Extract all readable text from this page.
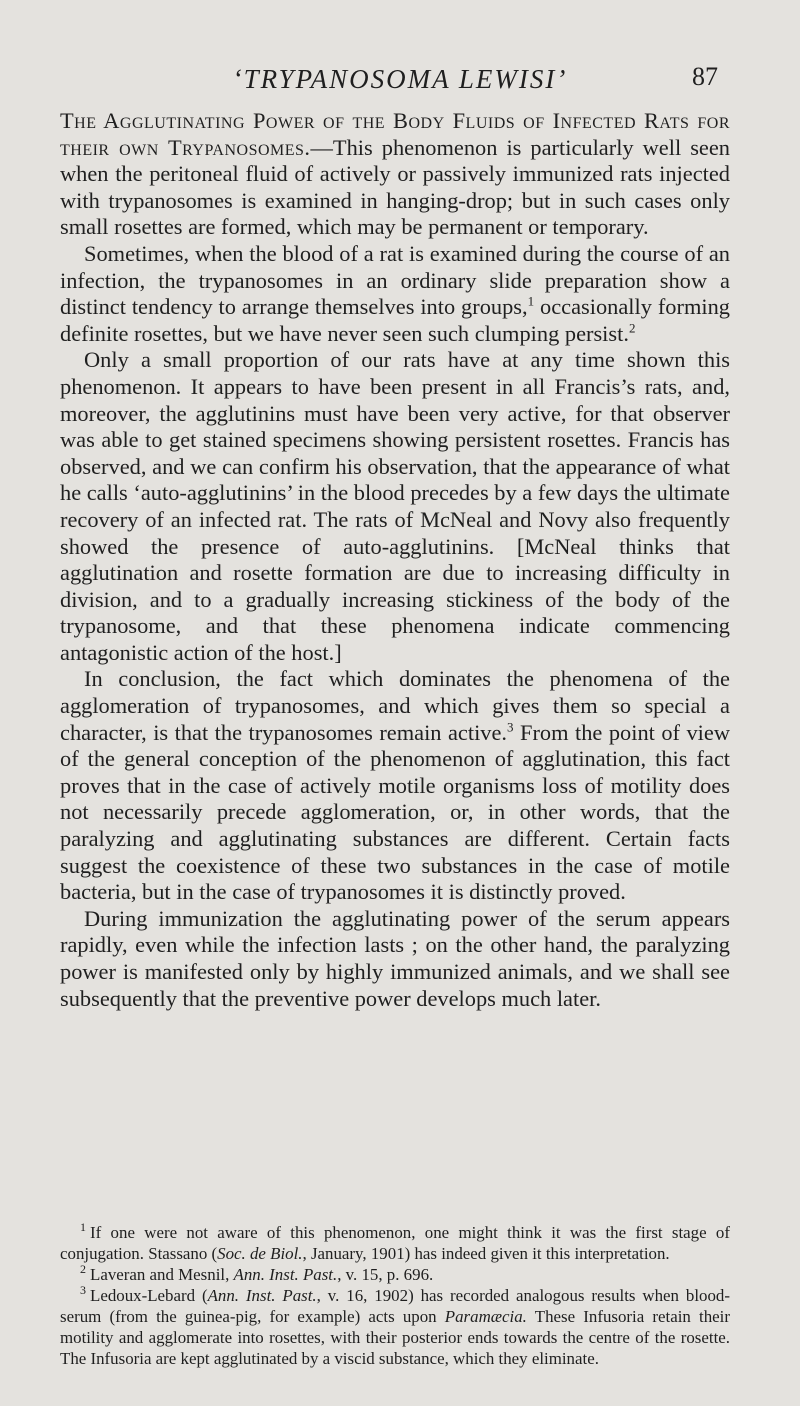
‘TRYPANOSOMA LEWISI’	87

The Agglutinating Power of the Body Fluids of Infected Rats for their own Trypanosomes.—This phenomenon is particularly well seen when the peritoneal fluid of actively or passively immunized rats injected with trypanosomes is examined in hanging-drop; but in such cases only small rosettes are formed, which may be permanent or temporary.

Sometimes, when the blood of a rat is examined during the course of an infection, the trypanosomes in an ordinary slide preparation show a distinct tendency to arrange themselves into groups,$^1$ occasionally forming definite rosettes, but we have never seen such clumping persist.$^2$

Only a small proportion of our rats have at any time shown this phenomenon. It appears to have been present in all Francis’s rats, and, moreover, the agglutinins must have been very active, for that observer was able to get stained specimens showing persistent rosettes. Francis has observed, and we can confirm his observation, that the appearance of what he calls ‘auto-agglutinins’ in the blood precedes by a few days the ultimate recovery of an infected rat. The rats of McNeal and Novy also frequently showed the presence of auto-agglutinins. [McNeal thinks that agglutination and rosette formation are due to increasing difficulty in division, and to a gradually increasing stickiness of the body of the trypanosome, and that these phenomena indicate commencing antagonistic action of the host.]

In conclusion, the fact which dominates the phenomena of the agglomeration of trypanosomes, and which gives them so special a character, is that the trypanosomes remain active.$^3$ From the point of view of the general conception of the phenomenon of agglutination, this fact proves that in the case of actively motile organisms loss of motility does not necessarily precede agglomeration, or, in other words, that the paralyzing and agglutinating substances are different. Certain facts suggest the coexistence of these two substances in the case of motile bacteria, but in the case of trypanosomes it is distinctly proved.

During immunization the agglutinating power of the serum appears rapidly, even while the infection lasts ; on the other hand, the paralyzing power is manifested only by highly immunized animals, and we shall see subsequently that the preventive power develops much later.

$^1$ If one were not aware of this phenomenon, one might think it was the first stage of conjugation. Stassano (Soc. de Biol., January, 1901) has indeed given it this interpretation.

$^2$ Laveran and Mesnil, Ann. Inst. Past., v. 15, p. 696.

$^3$ Ledoux-Lebard (Ann. Inst. Past., v. 16, 1902) has recorded analogous results when blood-serum (from the guinea-pig, for example) acts upon Paramæcia. These Infusoria retain their motility and agglomerate into rosettes, with their posterior ends towards the centre of the rosette. The Infusoria are kept agglutinated by a viscid substance, which they eliminate.
